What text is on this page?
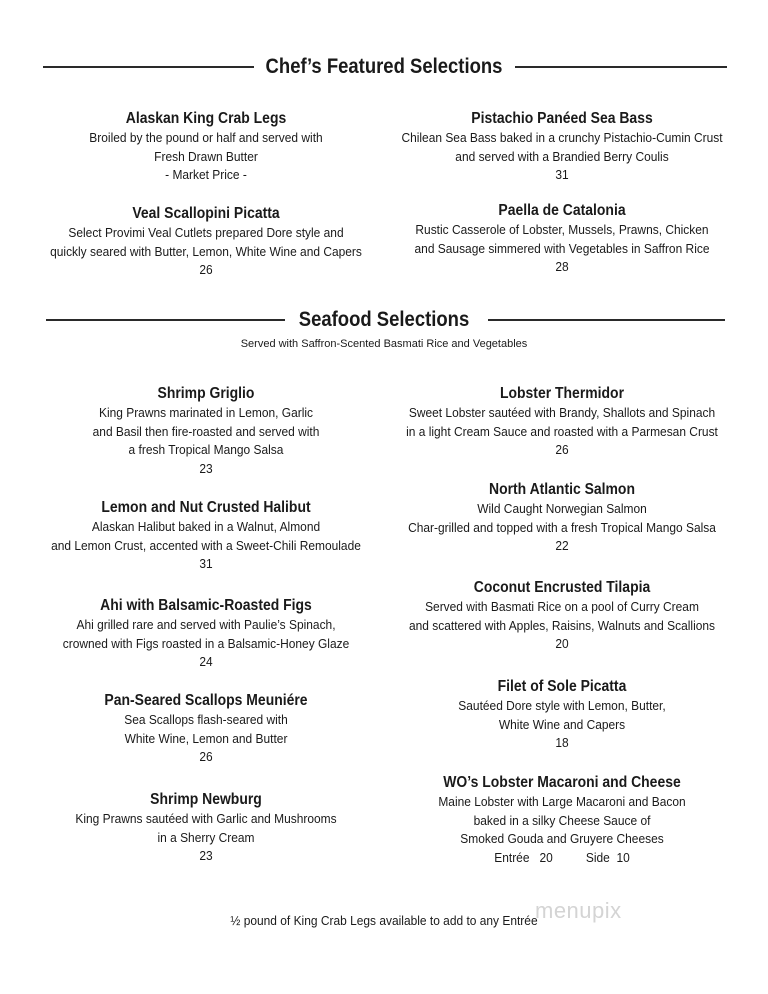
Chef’s Featured Selections
Alaskan King Crab Legs
Broiled by the pound or half and served with
Fresh Drawn Butter
- Market Price -
Veal Scallopini Picatta
Select Provimi Veal Cutlets prepared Dore style and
quickly seared with Butter, Lemon, White Wine and Capers
26
Pistachio Panéed Sea Bass
Chilean Sea Bass baked in a crunchy Pistachio-Cumin Crust
and served with a Brandied Berry Coulis
31
Paella de Catalonia
Rustic Casserole of Lobster, Mussels, Prawns, Chicken
and Sausage simmered with Vegetables in Saffron Rice
28
Seafood Selections
Served with Saffron-Scented Basmati Rice and Vegetables
Shrimp Griglio
King Prawns marinated in Lemon, Garlic
and Basil then fire-roasted and served with
a fresh Tropical Mango Salsa
23
Lemon and Nut Crusted Halibut
Alaskan Halibut baked in a Walnut, Almond
and Lemon Crust, accented with a Sweet-Chili Remoulade
31
Ahi with Balsamic-Roasted Figs
Ahi grilled rare and served with Paulie’s Spinach,
crowned with Figs roasted in a Balsamic-Honey Glaze
24
Pan-Seared Scallops Meuniére
Sea Scallops flash-seared with
White Wine, Lemon and Butter
26
Shrimp Newburg
King Prawns sautéed with Garlic and Mushrooms
in a Sherry Cream
23
Lobster Thermidor
Sweet Lobster sautéed with Brandy, Shallots and Spinach
in a light Cream Sauce and roasted with a Parmesan Crust
26
North Atlantic Salmon
Wild Caught Norwegian Salmon
Char-grilled and topped with a fresh Tropical Mango Salsa
22
Coconut Encrusted Tilapia
Served with Basmati Rice on a pool of Curry Cream
and scattered with Apples, Raisins, Walnuts and Scallions
20
Filet of Sole Picatta
Sautéed Dore style with Lemon, Butter,
White Wine and Capers
18
WO’s Lobster Macaroni and Cheese
Maine Lobster with Large Macaroni and Bacon
baked in a silky Cheese Sauce of
Smoked Gouda and Gruyere Cheeses
Entrée   20	Side  10
½ pound of King Crab Legs available to add to any Entrée
menupix
